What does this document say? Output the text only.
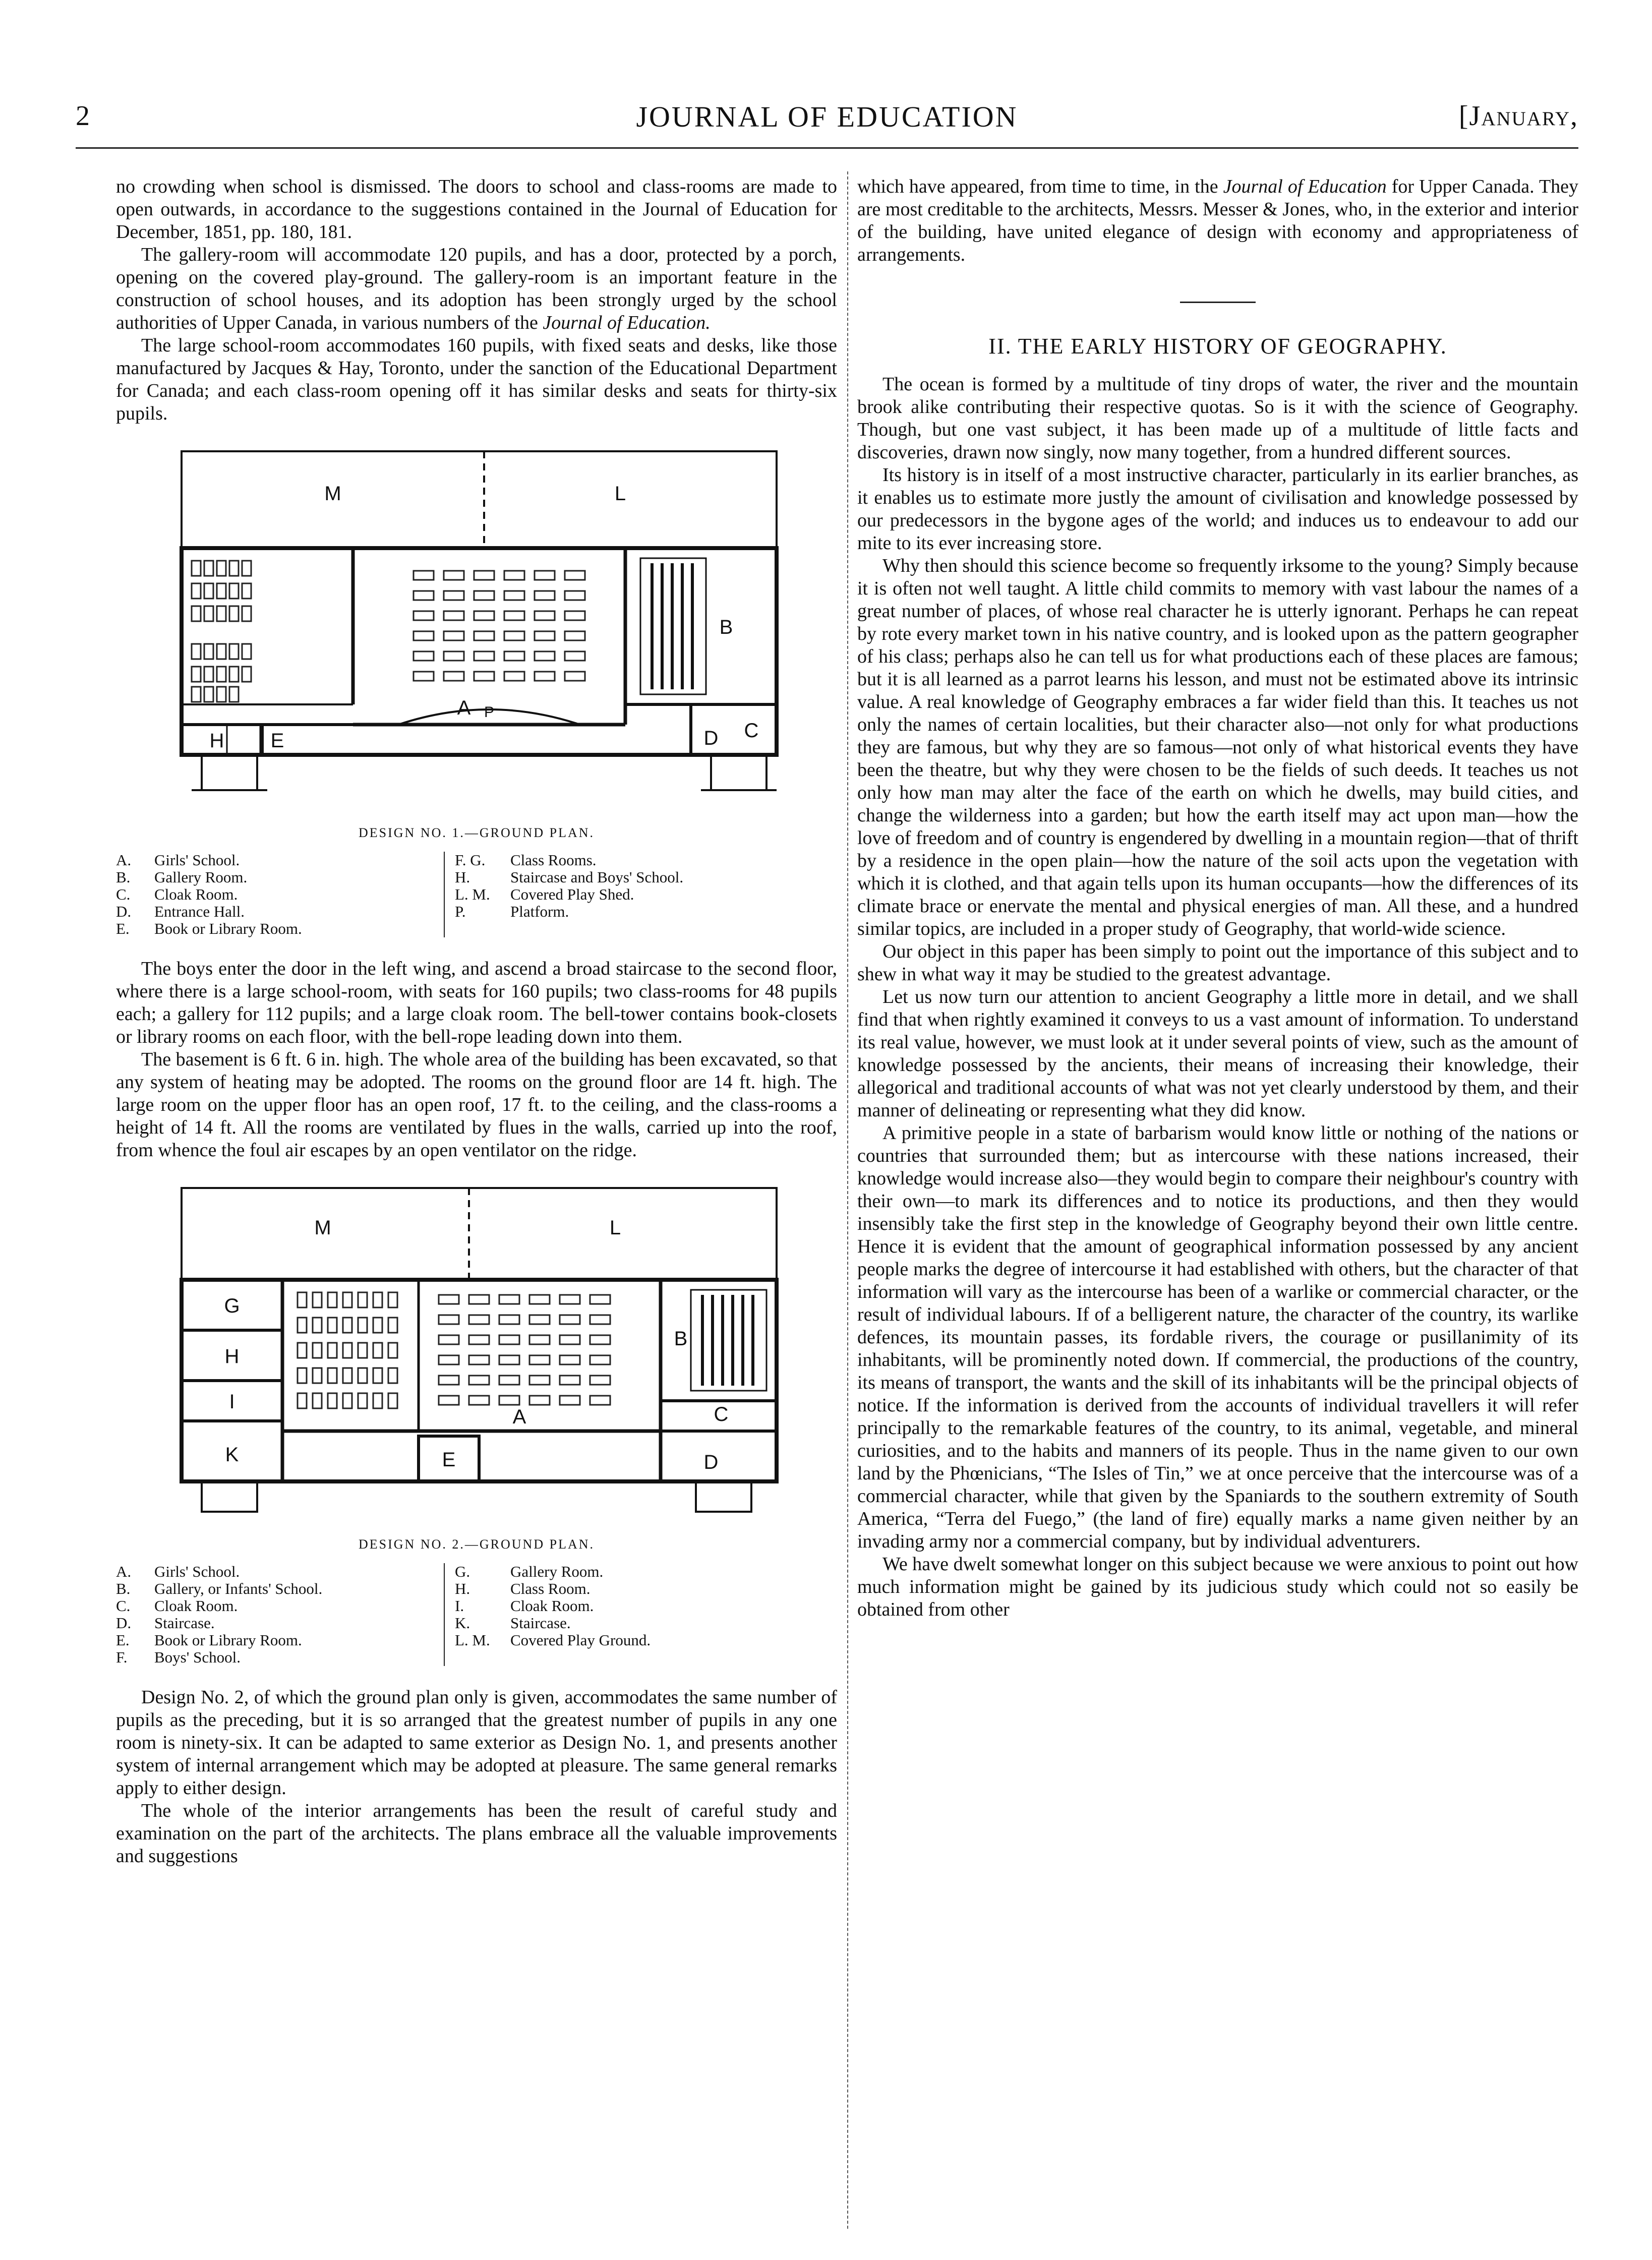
2	JOURNAL OF EDUCATION	[January,

no crowding when school is dismissed. The doors to school and class-rooms are made to open outwards, in accordance to the suggestions contained in the Journal of Education for December, 1851, pp. 180, 181.

The gallery-room will accommodate 120 pupils, and has a door, protected by a porch, opening on the covered play-ground. The gallery-room is an important feature in the construction of school houses, and its adoption has been strongly urged by the school authorities of Upper Canada, in various numbers of the Journal of Education.

The large school-room accommodates 160 pupils, with fixed seats and desks, like those manufactured by Jacques & Hay, Toronto, under the sanction of the Educational Department for Canada; and each class-room opening off it has similar desks and seats for thirty-six pupils.

M	L
A
B
C
D
E
H
P
DESIGN NO. 1.—GROUND PLAN.
A. Girls' School.
B. Gallery Room.
C. Cloak Room.
D. Entrance Hall.
E. Book or Library Room.
F. G. Class Rooms.
H.	Staircase and Boys' School.
L. M. Covered Play Shed.
P.	Platform.

The boys enter the door in the left wing, and ascend a broad staircase to the second floor, where there is a large school-room, with seats for 160 pupils; two class-rooms for 48 pupils each; a gallery for 112 pupils; and a large cloak room. The bell-tower contains book-closets or library rooms on each floor, with the bell-rope leading down into them.

The basement is 6 ft. 6 in. high. The whole area of the building has been excavated, so that any system of heating may be adopted. The rooms on the ground floor are 14 ft. high. The large room on the upper floor has an open roof, 17 ft. to the ceiling, and the class-rooms a height of 14 ft. All the rooms are ventilated by flues in the walls, carried up into the roof, from whence the foul air escapes by an open ventilator on the ridge.

M	L
A
B
C
D
E
G
H
I
K
DESIGN NO. 2.—GROUND PLAN.
A. Girls' School.
B. Gallery, or Infants' School.
C. Cloak Room.
D. Staircase.
E. Book or Library Room.
F. Boys' School.
G.	Gallery Room.
H.	Class Room.
I.	Cloak Room.
K.	Staircase.
L. M. Covered Play Ground.

Design No. 2, of which the ground plan only is given, accommodates the same number of pupils as the preceding, but it is so arranged that the greatest number of pupils in any one room is ninety-six. It can be adapted to same exterior as Design No. 1, and presents another system of internal arrangement which may be adopted at pleasure. The same general remarks apply to either design.

The whole of the interior arrangements has been the result of careful study and examination on the part of the architects. The plans embrace all the valuable improvements and suggestions

which have appeared, from time to time, in the Journal of Education for Upper Canada. They are most creditable to the architects, Messrs. Messer & Jones, who, in the exterior and interior of the building, have united elegance of design with economy and appropriateness of arrangements.

II. THE EARLY HISTORY OF GEOGRAPHY.

The ocean is formed by a multitude of tiny drops of water, the river and the mountain brook alike contributing their respective quotas. So is it with the science of Geography. Though, but one vast subject, it has been made up of a multitude of little facts and discoveries, drawn now singly, now many together, from a hundred different sources.

Its history is in itself of a most instructive character, particularly in its earlier branches, as it enables us to estimate more justly the amount of civilisation and knowledge possessed by our predecessors in the bygone ages of the world; and induces us to endeavour to add our mite to its ever increasing store.

Why then should this science become so frequently irksome to the young? Simply because it is often not well taught. A little child commits to memory with vast labour the names of a great number of places, of whose real character he is utterly ignorant. Perhaps he can repeat by rote every market town in his native country, and is looked upon as the pattern geographer of his class; perhaps also he can tell us for what productions each of these places are famous; but it is all learned as a parrot learns his lesson, and must not be estimated above its intrinsic value. A real knowledge of Geography embraces a far wider field than this. It teaches us not only the names of certain localities, but their character also—not only for what productions they are famous, but why they are so famous—not only of what historical events they have been the theatre, but why they were chosen to be the fields of such deeds. It teaches us not only how man may alter the face of the earth on which he dwells, may build cities, and change the wilderness into a garden; but how the earth itself may act upon man—how the love of freedom and of country is engendered by dwelling in a mountain region—that of thrift by a residence in the open plain—how the nature of the soil acts upon the vegetation with which it is clothed, and that again tells upon its human occupants—how the differences of its climate brace or enervate the mental and physical energies of man. All these, and a hundred similar topics, are included in a proper study of Geography, that world-wide science.

Our object in this paper has been simply to point out the importance of this subject and to shew in what way it may be studied to the greatest advantage.

Let us now turn our attention to ancient Geography a little more in detail, and we shall find that when rightly examined it conveys to us a vast amount of information. To understand its real value, however, we must look at it under several points of view, such as the amount of knowledge possessed by the ancients, their means of increasing their knowledge, their allegorical and traditional accounts of what was not yet clearly understood by them, and their manner of delineating or representing what they did know.

A primitive people in a state of barbarism would know little or nothing of the nations or countries that surrounded them; but as intercourse with these nations increased, their knowledge would increase also—they would begin to compare their neighbour's country with their own—to mark its differences and to notice its productions, and then they would insensibly take the first step in the knowledge of Geography beyond their own little centre. Hence it is evident that the amount of geographical information possessed by any ancient people marks the degree of intercourse it had established with others, but the character of that information will vary as the intercourse has been of a warlike or commercial character, or the result of individual labours. If of a belligerent nature, the character of the country, its warlike defences, its mountain passes, its fordable rivers, the courage or pusillanimity of its inhabitants, will be prominently noted down. If commercial, the productions of the country, its means of transport, the wants and the skill of its inhabitants will be the principal objects of notice. If the information is derived from the accounts of individual travellers it will refer principally to the remarkable features of the country, to its animal, vegetable, and mineral curiosities, and to the habits and manners of its people. Thus in the name given to our own land by the Phœnicians, “The Isles of Tin,” we at once perceive that the intercourse was of a commercial character, while that given by the Spaniards to the southern extremity of South America, “Terra del Fuego,” (the land of fire) equally marks a name given neither by an invading army nor a commercial company, but by individual adventurers.

We have dwelt somewhat longer on this subject because we were anxious to point out how much information might be gained by its judicious study which could not so easily be obtained from other
